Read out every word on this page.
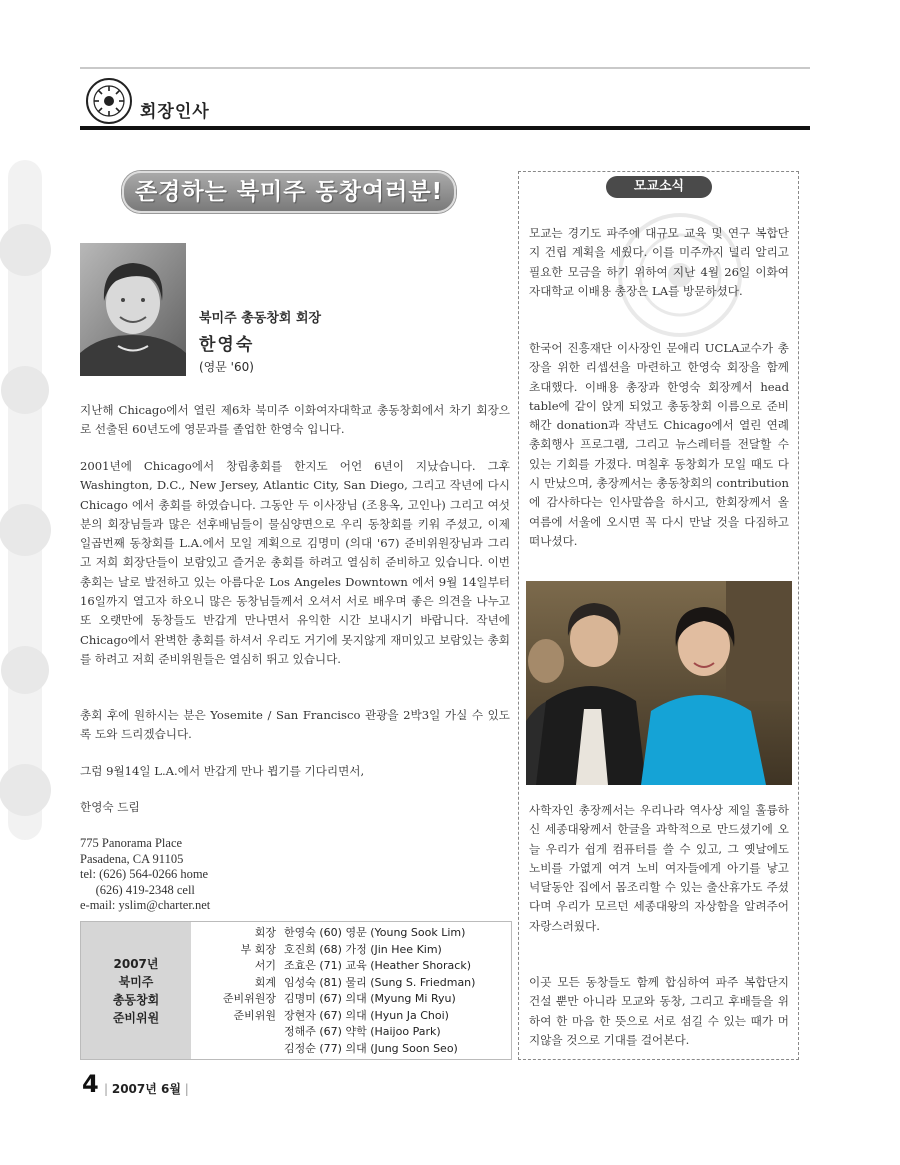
회장인사
존경하는 북미주 동창여러분!
북미주 총동창회 회장
한영숙
(영문 '60)
지난해 Chicago에서 열린 제6차 북미주 이화여자대학교 총동창회에서 차기 회장으로 선출된 60년도에 영문과를 졸업한 한영숙 입니다.
2001년에 Chicago에서 창립총회를 한지도 어언 6년이 지났습니다. 그후 Washington, D.C., New Jersey, Atlantic City, San Diego, 그리고 작년에 다시 Chicago 에서 총회를 하였습니다. 그동안 두 이사장님 (조용옥, 고인나) 그리고 여섯분의 회장님들과 많은 선후배님들이 물심양면으로 우리 동창회를 키워 주셨고, 이제 일곱번째 동창회를 L.A.에서 모일 계획으로 김명미 (의대 '67) 준비위원장님과 그리고 저희 회장단들이 보람있고 즐거운 총회를 하려고 열심히 준비하고 있습니다. 이번 총회는 날로 발전하고 있는 아름다운 Los Angeles Downtown 에서 9월 14일부터 16일까지 열고자 하오니 많은 동창님들께서 오셔서 서로 배우며 좋은 의견을 나누고 또 오랫만에 동창들도 반갑게 만나면서 유익한 시간 보내시기 바랍니다. 작년에 Chicago에서 완벽한 총회를 하셔서 우리도 거기에 못지않게 재미있고 보람있는 총회를 하려고 저희 준비위원들은 열심히 뛰고 있습니다.
총회 후에 원하시는 분은 Yosemite / San Francisco 관광을 2박3일 가실 수 있도록 도와 드리겠습니다.
그럼 9월14일 L.A.에서 반갑게 만나 뵙기를 기다리면서,
한영숙 드림
775 Panorama Place
Pasadena, CA 91105
tel: (626) 564-0266 home
(626) 419-2348 cell
e-mail: yslim@charter.net
2007년
북미주
총동창회
준비위원
회장 한영숙 (60) 영문 (Young Sook Lim)
부 회장 호진희 (68) 가정 (Jin Hee Kim)
서기 조효은 (71) 교육 (Heather Shorack)
회계 임성숙 (81) 물리 (Sung S. Friedman)
준비위원장 김명미 (67) 의대 (Myung Mi Ryu)
준비위원 장현자 (67) 의대 (Hyun Ja Choi)
정해주 (67) 약학 (Haijoo Park)
김정순 (77) 의대 (Jung Soon Seo)
4 | 2007년 6월 |
모교소식
모교는 경기도 파주에 대규모 교육 및 연구 복합단지 건립 계획을 세웠다. 이를 미주까지 널리 알리고 필요한 모금을 하기 위하여 지난 4월 26일 이화여자대학교 이배용 총장은 LA를 방문하셨다.
한국어 진흥재단 이사장인 문애리 UCLA교수가 총장을 위한 리셉션을 마련하고 한영숙 회장을 함께 초대했다. 이배용 총장과 한영숙 회장께서 head table에 같이 앉게 되었고 총동창회 이름으로 준비해간 donation과 작년도 Chicago에서 열린 연례총회행사 프로그램, 그리고 뉴스레터를 전달할 수 있는 기회를 가졌다. 며칠후 동창회가 모일 때도 다시 만났으며, 총장께서는 총동창회의 contribution에 감사하다는 인사말씀을 하시고, 한회장께서 올 여름에 서울에 오시면 꼭 다시 만날 것을 다짐하고 떠나셨다.
사학자인 총장께서는 우리나라 역사상 제일 훌륭하신 세종대왕께서 한글을 과학적으로 만드셨기에 오늘 우리가 쉽게 컴퓨터를 쓸 수 있고, 그 옛날에도 노비를 가엾게 여겨 노비 여자들에게 아기를 낳고 넉달동안 집에서 몸조리할 수 있는 출산휴가도 주셨다며 우리가 모르던 세종대왕의 자상함을 알려주어 자랑스러웠다.
이곳 모든 동창들도 함께 합심하여 파주 복합단지 건설 뿐만 아니라 모교와 동창, 그리고 후배들을 위하여 한 마음 한 뜻으로 서로 섬길 수 있는 때가 머지않을 것으로 기대를 걸어본다.
